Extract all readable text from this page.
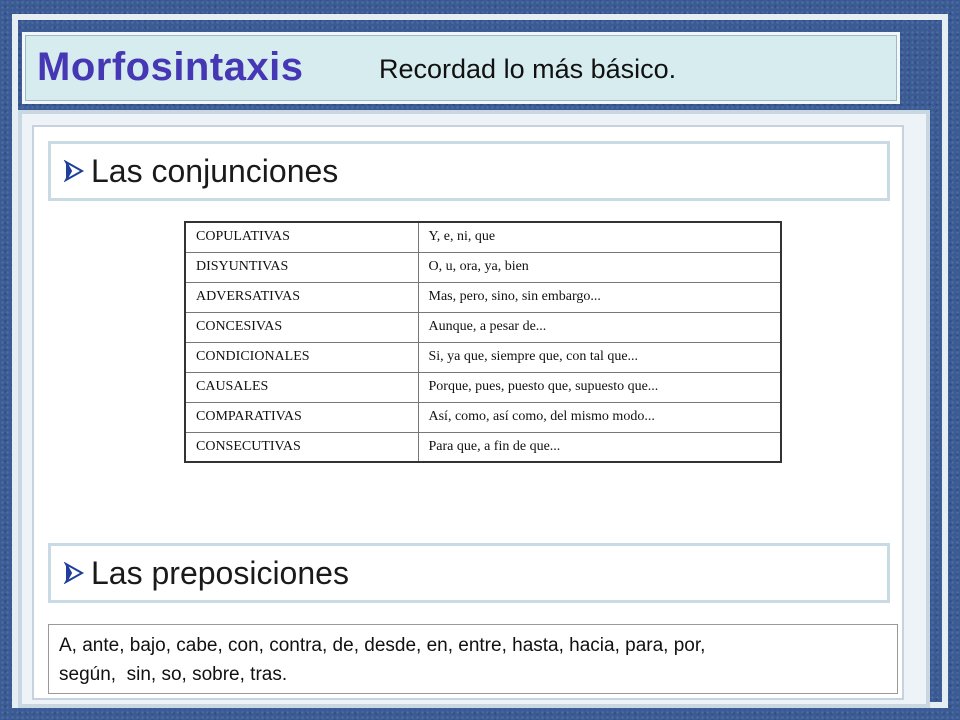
Morfosintaxis	Recordad lo más básico.
Las conjunciones
COPULATIVAS	Y, e, ni, que
DISYUNTIVAS	O, u, ora, ya, bien
ADVERSATIVAS	Mas, pero, sino, sin embargo...
CONCESIVAS	Aunque, a pesar de...
CONDICIONALES	Si, ya que, siempre que, con tal que...
CAUSALES	Porque, pues, puesto que, supuesto que...
COMPARATIVAS	Así, como, así como, del mismo modo...
CONSECUTIVAS	Para que, a fin de que...
Las preposiciones
A, ante, bajo, cabe, con, contra, de, desde, en, entre, hasta, hacia, para, por,
según,  sin, so, sobre, tras.
